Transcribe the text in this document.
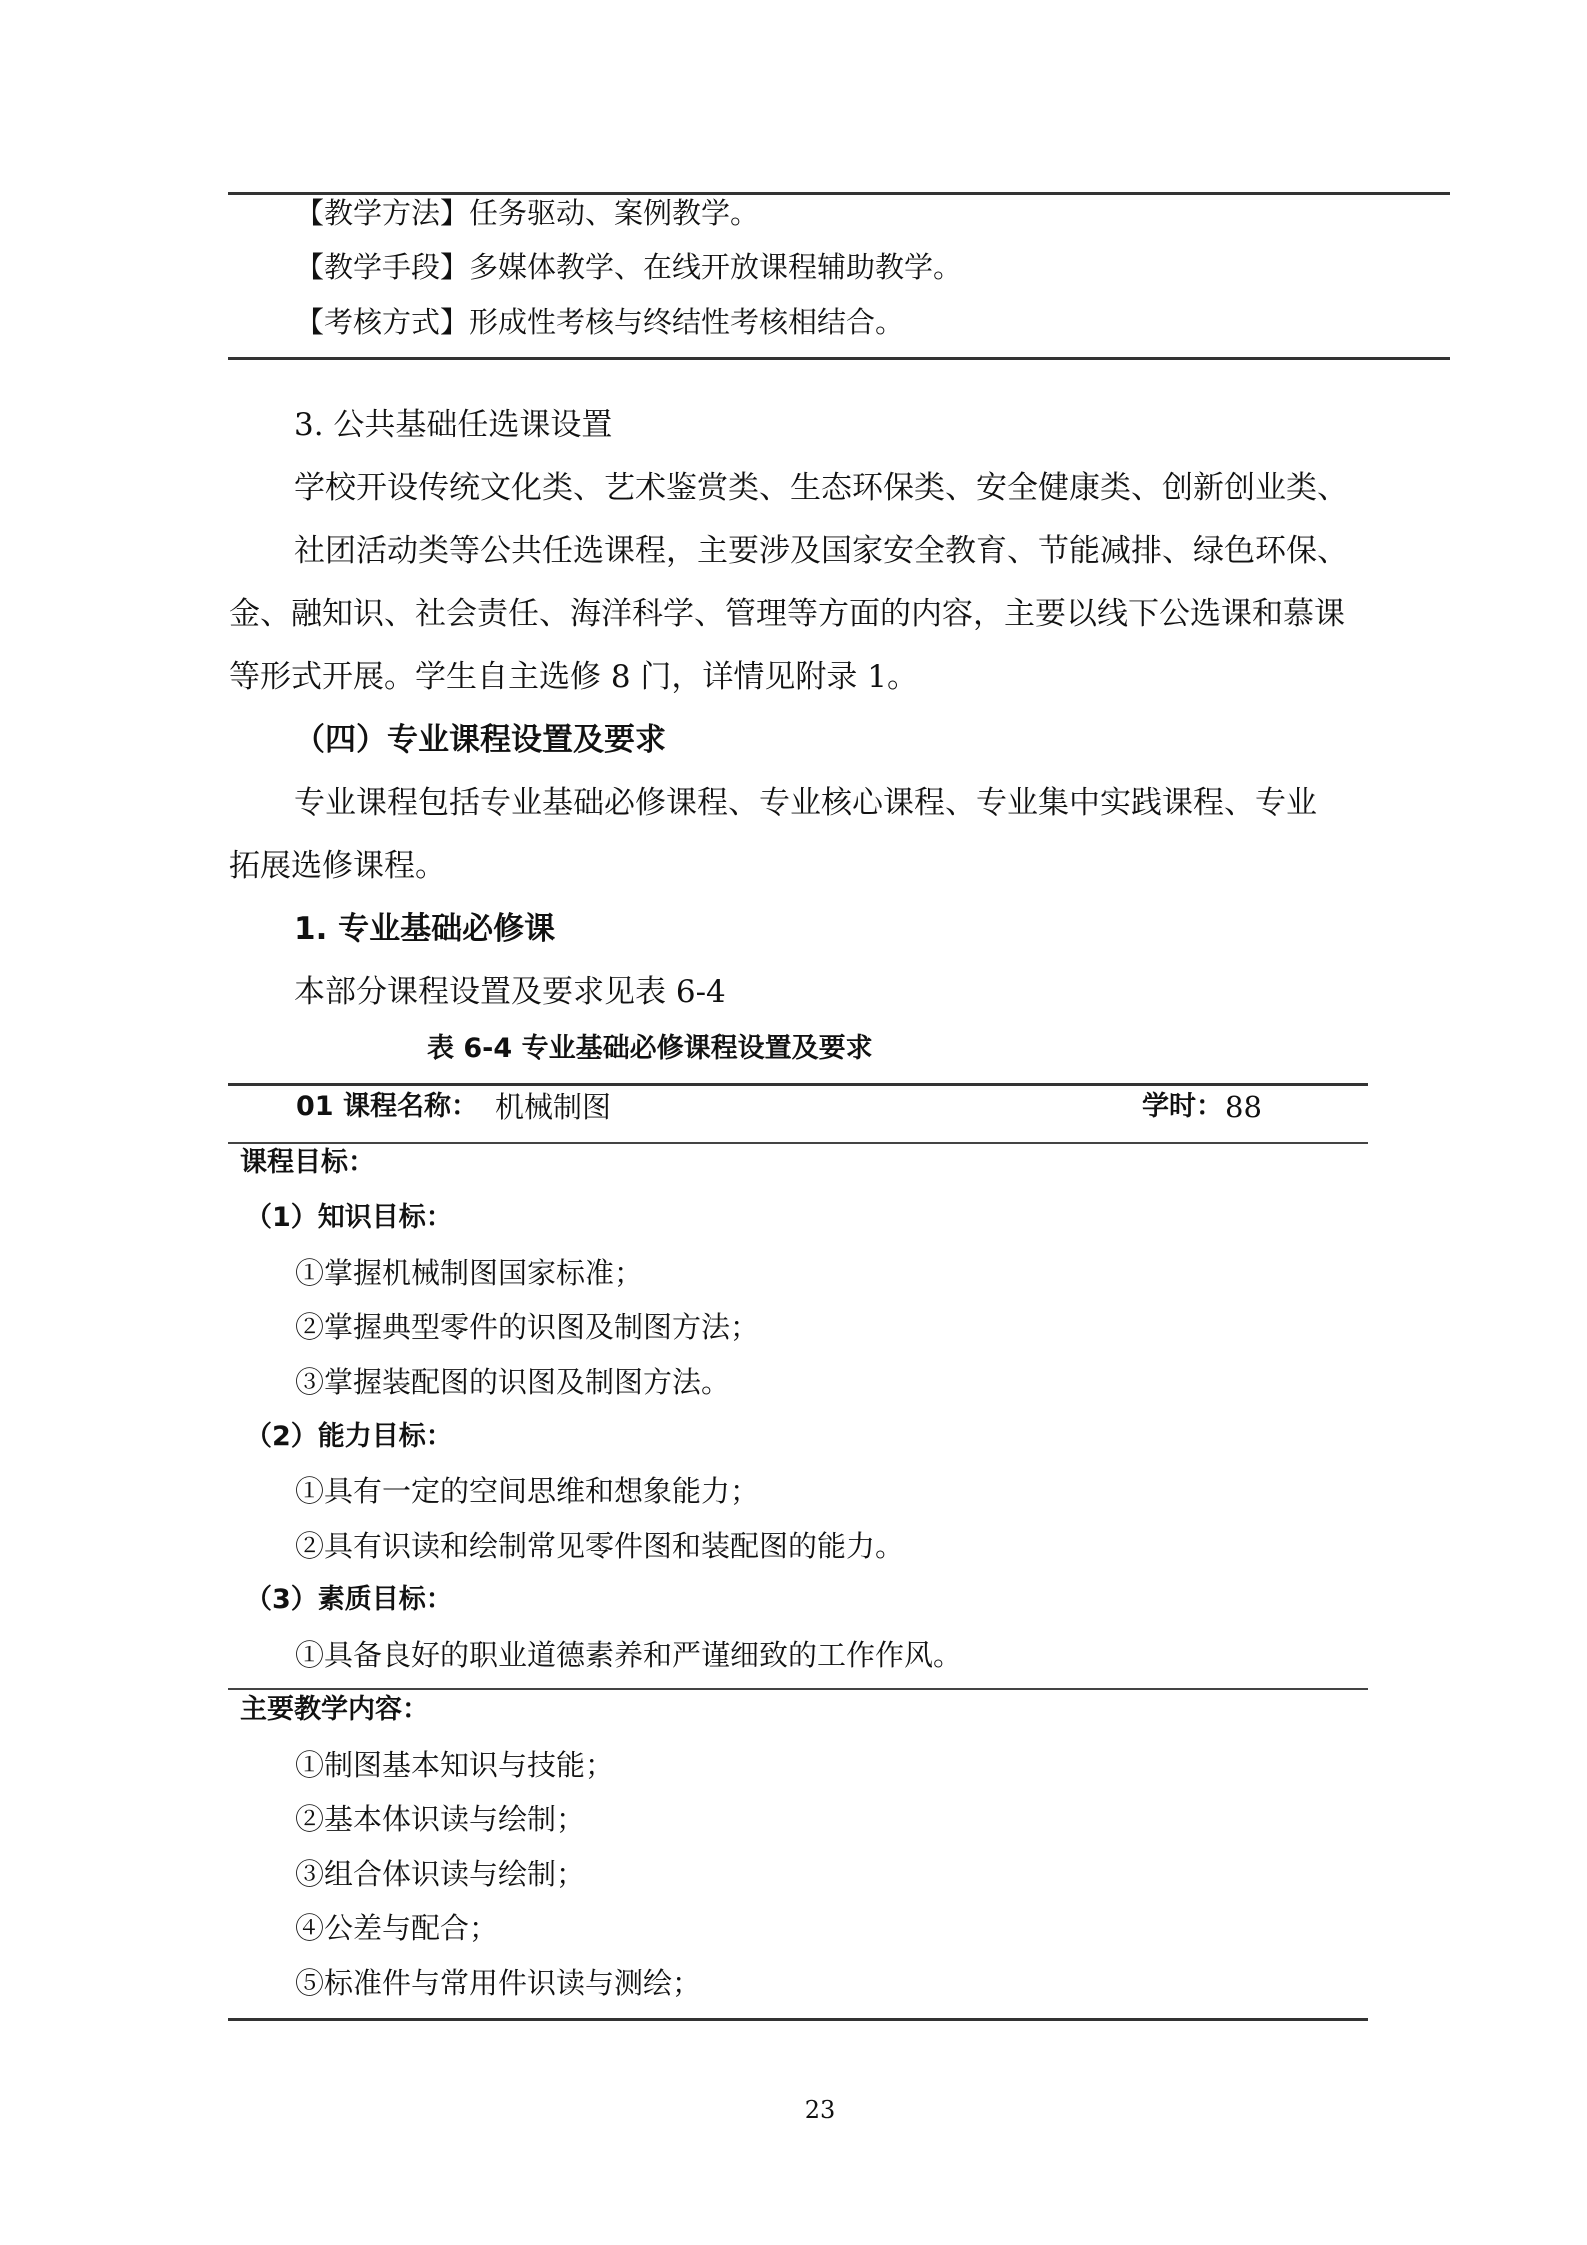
【教学方法】任务驱动、案例教学。
【教学手段】多媒体教学、在线开放课程辅助教学。
【考核方式】形成性考核与终结性考核相结合。
3. 公共基础任选课设置
学校开设传统文化类、艺术鉴赏类、生态环保类、安全健康类、创新创业类、
社团活动类等公共任选课程，主要涉及国家安全教育、节能减排、绿色环保、
金、融知识、社会责任、海洋科学、管理等方面的内容，主要以线下公选课和慕课
等形式开展。学生自主选修 8 门，详情见附录 1。
（四）专业课程设置及要求
专业课程包括专业基础必修课程、专业核心课程、专业集中实践课程、专业
拓展选修课程。
1. 专业基础必修课
本部分课程设置及要求见表 6-4
表 6-4 专业基础必修课程设置及要求
01 课程名称： 机械制图	学时： 88
课程目标：
（1）知识目标：
①掌握机械制图国家标准；
②掌握典型零件的识图及制图方法；
③掌握装配图的识图及制图方法。
（2）能力目标：
①具有一定的空间思维和想象能力；
②具有识读和绘制常见零件图和装配图的能力。
（3）素质目标：
①具备良好的职业道德素养和严谨细致的工作作风。
主要教学内容：
①制图基本知识与技能；
②基本体识读与绘制；
③组合体识读与绘制；
④公差与配合；
⑤标准件与常用件识读与测绘；
23
